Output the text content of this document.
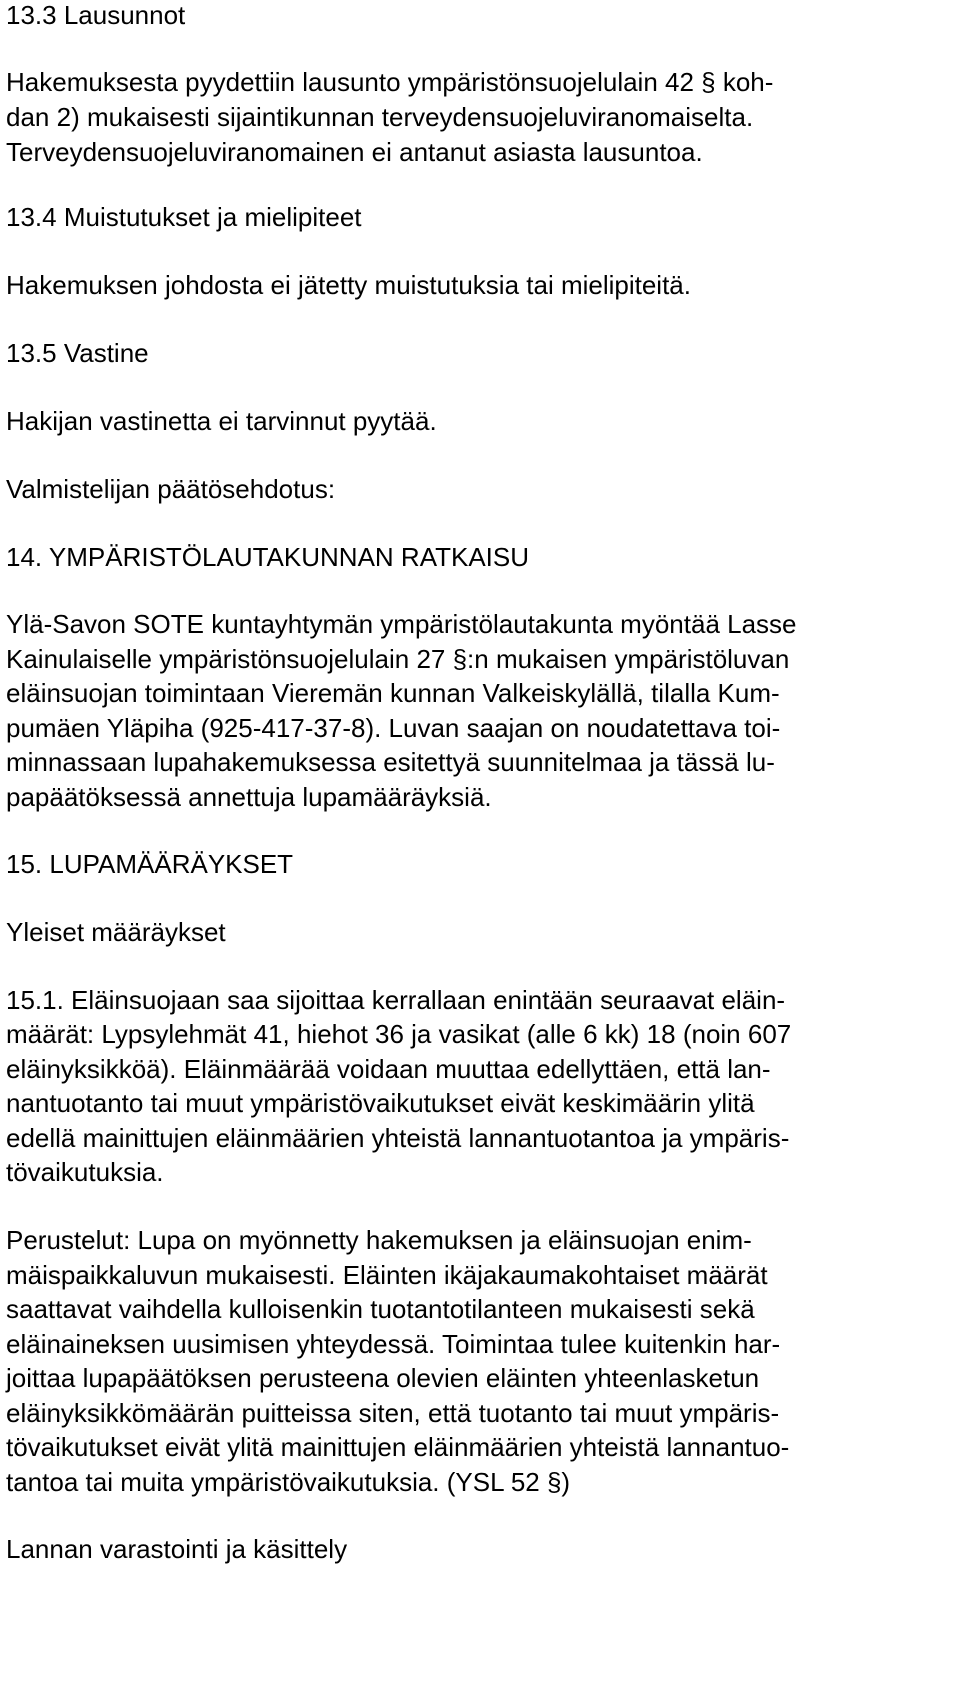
13.3 Lausunnot
Hakemuksesta pyydettiin lausunto ympäristönsuojelulain 42 § koh-
dan 2) mukaisesti sijaintikunnan terveydensuojeluviranomaiselta.
Terveydensuojeluviranomainen ei antanut asiasta lausuntoa.
13.4 Muistutukset ja mielipiteet
Hakemuksen johdosta ei jätetty muistutuksia tai mielipiteitä.
13.5 Vastine
Hakijan vastinetta ei tarvinnut pyytää.
Valmistelijan päätösehdotus:
14. YMPÄRISTÖLAUTAKUNNAN RATKAISU
Ylä-Savon SOTE kuntayhtymän ympäristölautakunta myöntää Lasse
Kainulaiselle ympäristönsuojelulain 27 §:n mukaisen ympäristöluvan
eläinsuojan toimintaan Vieremän kunnan Valkeiskylällä, tilalla Kum-
pumäen Yläpiha (925-417-37-8). Luvan saajan on noudatettava toi-
minnassaan lupahakemuksessa esitettyä suunnitelmaa ja tässä lu-
papäätöksessä annettuja lupamääräyksiä.
15. LUPAMÄÄRÄYKSET
Yleiset määräykset
15.1. Eläinsuojaan saa sijoittaa kerrallaan enintään seuraavat eläin-
määrät: Lypsylehmät 41, hiehot 36 ja vasikat (alle 6 kk) 18 (noin 607
eläinyksikköä). Eläinmäärää voidaan muuttaa edellyttäen, että lan-
nantuotanto tai muut ympäristövaikutukset eivät keskimäärin ylitä
edellä mainittujen eläinmäärien yhteistä lannantuotantoa ja ympäris-
tövaikutuksia.
Perustelut: Lupa on myönnetty hakemuksen ja eläinsuojan enim-
mäispaikkaluvun mukaisesti. Eläinten ikäjakaumakohtaiset määrät
saattavat vaihdella kulloisenkin tuotantotilanteen mukaisesti sekä
eläinaineksen uusimisen yhteydessä. Toimintaa tulee kuitenkin har-
joittaa lupapäätöksen perusteena olevien eläinten yhteenlasketun
eläinyksikkömäärän puitteissa siten, että tuotanto tai muut ympäris-
tövaikutukset eivät ylitä mainittujen eläinmäärien yhteistä lannantuo-
tantoa tai muita ympäristövaikutuksia. (YSL 52 §)
Lannan varastointi ja käsittely
